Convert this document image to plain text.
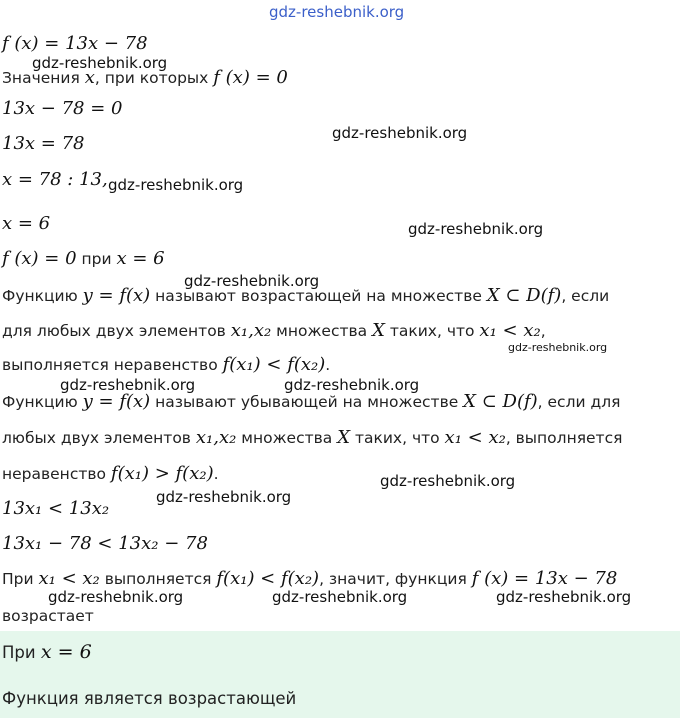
gdz-reshebnik.org
f (x) = 13x − 78
Значения x, при которых f (x) = 0
13x − 78 = 0
13x = 78
x = 78 : 13,
x = 6
f (x) = 0 при x = 6
Функцию y = f(x) называют возрастающей на множестве X ⊂ D(f), если
для любых двух элементов x₁,x₂ множества X таких, что x₁ < x₂,
выполняется неравенство f(x₁) < f(x₂).
Функцию y = f(x) называют убывающей на множестве X ⊂ D(f), если для
любых двух элементов x₁,x₂ множества X таких, что x₁ < x₂, выполняется
неравенство f(x₁) > f(x₂).
13x₁ < 13x₂
13x₁ − 78 < 13x₂ − 78
При x₁ < x₂ выполняется f(x₁) < f(x₂), значит, функция f (x) = 13x − 78
возрастает
При x = 6
Функция является возрастающей
gdz-reshebnik.org
gdz-reshebnik.org
gdz-reshebnik.org
gdz-reshebnik.org
gdz-reshebnik.org
gdz-reshebnik.org
gdz-reshebnik.org	gdz-reshebnik.org
gdz-reshebnik.org
gdz-reshebnik.org
gdz-reshebnik.org	gdz-reshebnik.org	gdz-reshebnik.org
